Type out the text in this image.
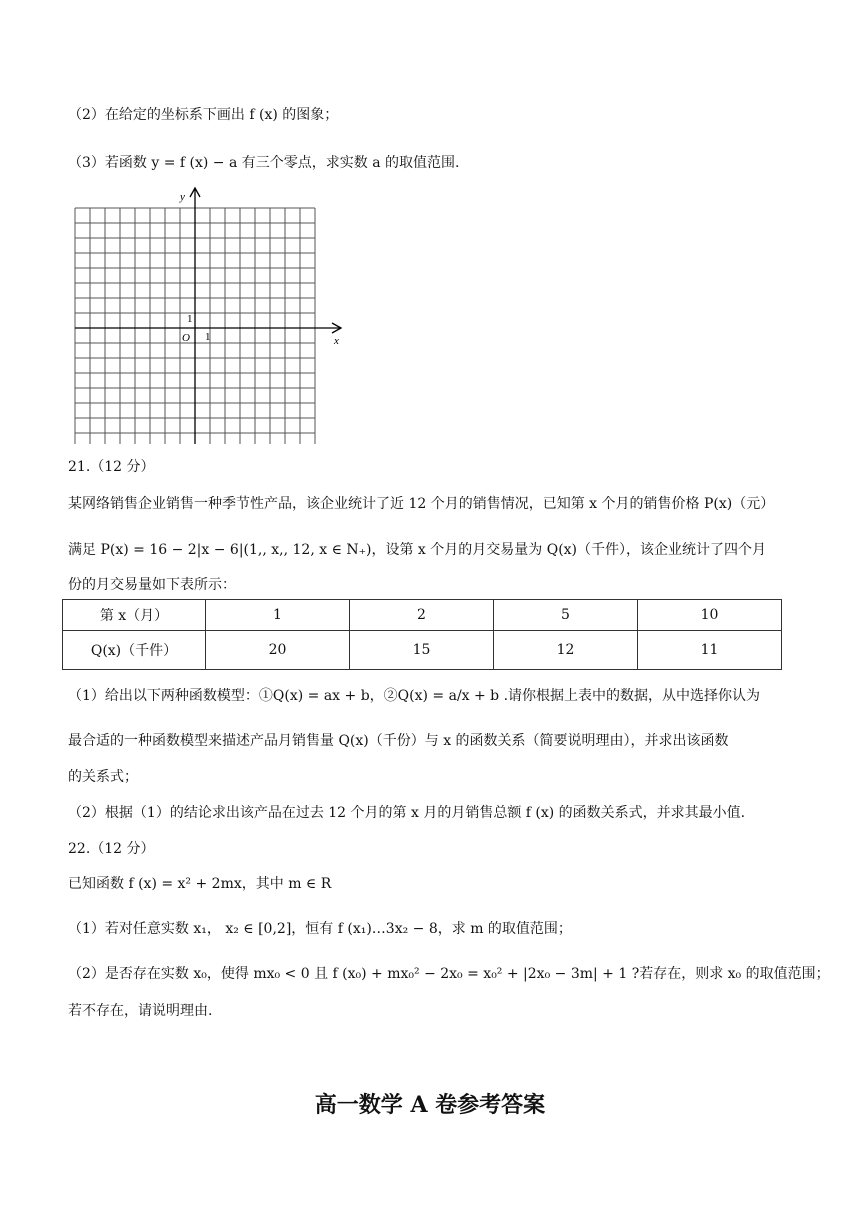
（2）在给定的坐标系下画出 f (x) 的图象；
（3）若函数 y = f (x) − a 有三个零点，求实数 a 的取值范围.
y
x
O 1
1
21.（12 分）
某网络销售企业销售一种季节性产品，该企业统计了近 12 个月的销售情况，已知第 x 个月的销售价格 P(x)（元）
满足 P(x) = 16 − 2|x − 6|(1,, x,, 12, x ∈ N₊)，设第 x 个月的月交易量为 Q(x)（千件），该企业统计了四个月
份的月交易量如下表所示：
第 x（月）	1	2	5	10
Q(x)（千件）	20	15	12	11
（1）给出以下两种函数模型：①Q(x) = ax + b，②Q(x) = a/x + b .请你根据上表中的数据，从中选择你认为
最合适的一种函数模型来描述产品月销售量 Q(x)（千份）与 x 的函数关系（简要说明理由），并求出该函数
的关系式；
（2）根据（1）的结论求出该产品在过去 12 个月的第 x 月的月销售总额 f (x) 的函数关系式，并求其最小值.
22.（12 分）
已知函数 f (x) = x² + 2mx，其中 m ∈ R
（1）若对任意实数 x₁， x₂ ∈ [0,2]，恒有 f (x₁)…3x₂ − 8，求 m 的取值范围；
（2）是否存在实数 x₀，使得 mx₀ < 0 且 f (x₀) + mx₀² − 2x₀ = x₀² + |2x₀ − 3m| + 1 ?若存在，则求 x₀ 的取值范围；
若不存在，请说明理由.
高一数学 A 卷参考答案
